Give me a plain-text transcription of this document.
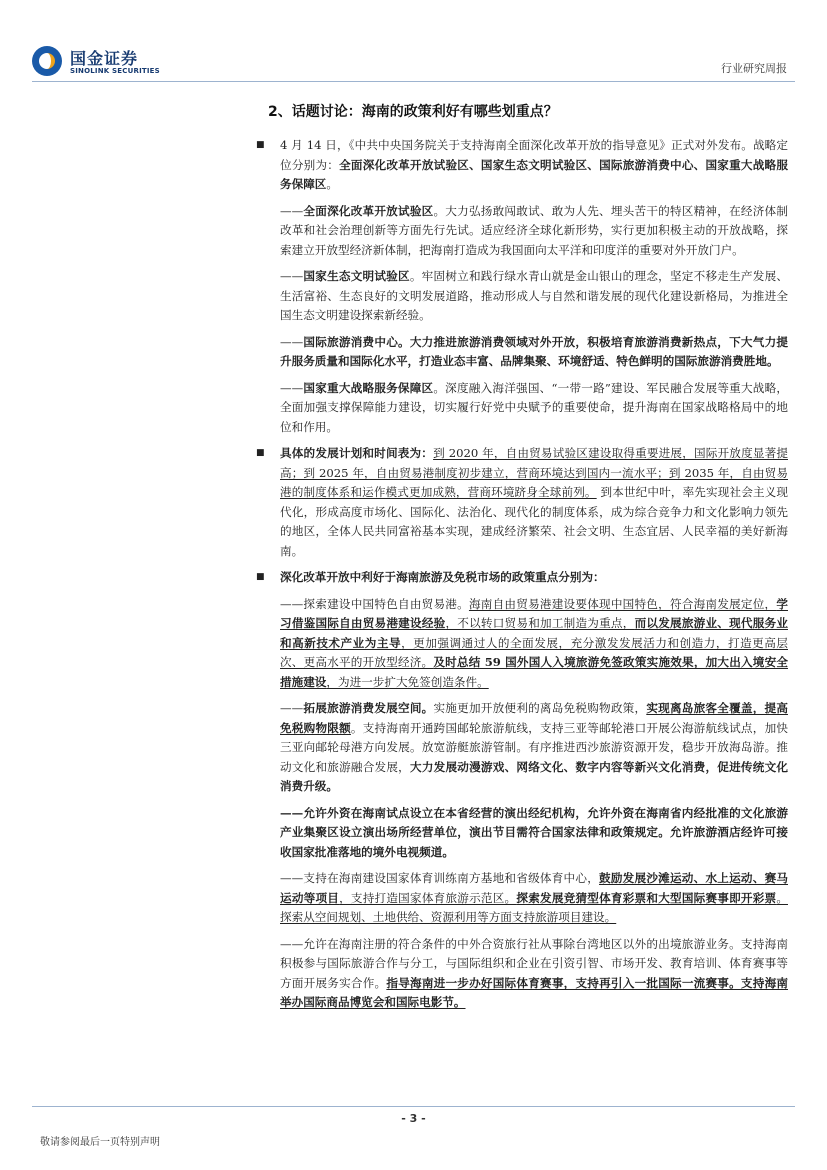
国金证券
SINOLINK SECURITIES	行业研究周报
2、话题讨论：海南的政策利好有哪些划重点？

■ 4 月 14 日，《中共中央国务院关于支持海南全面深化改革开放的指导意见》正式对外发布。战略定位分别为：全面深化改革开放试验区、国家生态文明试验区、国际旅游消费中心、国家重大战略服务保障区。

——全面深化改革开放试验区。大力弘扬敢闯敢试、敢为人先、埋头苦干的特区精神，在经济体制改革和社会治理创新等方面先行先试。适应经济全球化新形势，实行更加积极主动的开放战略，探索建立开放型经济新体制，把海南打造成为我国面向太平洋和印度洋的重要对外开放门户。

——国家生态文明试验区。牢固树立和践行绿水青山就是金山银山的理念，坚定不移走生产发展、生活富裕、生态良好的文明发展道路，推动形成人与自然和谐发展的现代化建设新格局，为推进全国生态文明建设探索新经验。

——国际旅游消费中心。大力推进旅游消费领域对外开放，积极培育旅游消费新热点，下大气力提升服务质量和国际化水平，打造业态丰富、品牌集聚、环境舒适、特色鲜明的国际旅游消费胜地。

——国家重大战略服务保障区。深度融入海洋强国、“一带一路”建设、军民融合发展等重大战略，全面加强支撑保障能力建设，切实履行好党中央赋予的重要使命，提升海南在国家战略格局中的地位和作用。

■ 具体的发展计划和时间表为：到 2020 年，自由贸易试验区建设取得重要进展，国际开放度显著提高；到 2025 年，自由贸易港制度初步建立，营商环境达到国内一流水平；到 2035 年，自由贸易港的制度体系和运作模式更加成熟，营商环境跻身全球前列。 到本世纪中叶，率先实现社会主义现代化，形成高度市场化、国际化、法治化、现代化的制度体系，成为综合竞争力和文化影响力领先的地区，全体人民共同富裕基本实现，建成经济繁荣、社会文明、生态宜居、人民幸福的美好新海南。

■ 深化改革开放中利好于海南旅游及免税市场的政策重点分别为：

——探索建设中国特色自由贸易港。海南自由贸易港建设要体现中国特色，符合海南发展定位，学习借鉴国际自由贸易港建设经验，不以转口贸易和加工制造为重点，而以发展旅游业、现代服务业和高新技术产业为主导，更加强调通过人的全面发展，充分激发发展活力和创造力，打造更高层次、更高水平的开放型经济。及时总结 59 国外国人入境旅游免签政策实施效果，加大出入境安全措施建设，为进一步扩大免签创造条件。

——拓展旅游消费发展空间。实施更加开放便利的离岛免税购物政策，实现离岛旅客全覆盖，提高免税购物限额。支持海南开通跨国邮轮旅游航线，支持三亚等邮轮港口开展公海游航线试点，加快三亚向邮轮母港方向发展。放宽游艇旅游管制。有序推进西沙旅游资源开发，稳步开放海岛游。推动文化和旅游融合发展，大力发展动漫游戏、网络文化、数字内容等新兴文化消费，促进传统文化消费升级。

——允许外资在海南试点设立在本省经营的演出经纪机构，允许外资在海南省内经批准的文化旅游产业集聚区设立演出场所经营单位，演出节目需符合国家法律和政策规定。允许旅游酒店经许可接收国家批准落地的境外电视频道。

——支持在海南建设国家体育训练南方基地和省级体育中心，鼓励发展沙滩运动、水上运动、赛马运动等项目，支持打造国家体育旅游示范区。探索发展竞猜型体育彩票和大型国际赛事即开彩票。探索从空间规划、土地供给、资源利用等方面支持旅游项目建设。

——允许在海南注册的符合条件的中外合资旅行社从事除台湾地区以外的出境旅游业务。支持海南积极参与国际旅游合作与分工，与国际组织和企业在引资引智、市场开发、教育培训、体育赛事等方面开展务实合作。指导海南进一步办好国际体育赛事，支持再引入一批国际一流赛事。支持海南举办国际商品博览会和国际电影节。

- 3 -
敬请参阅最后一页特别声明
